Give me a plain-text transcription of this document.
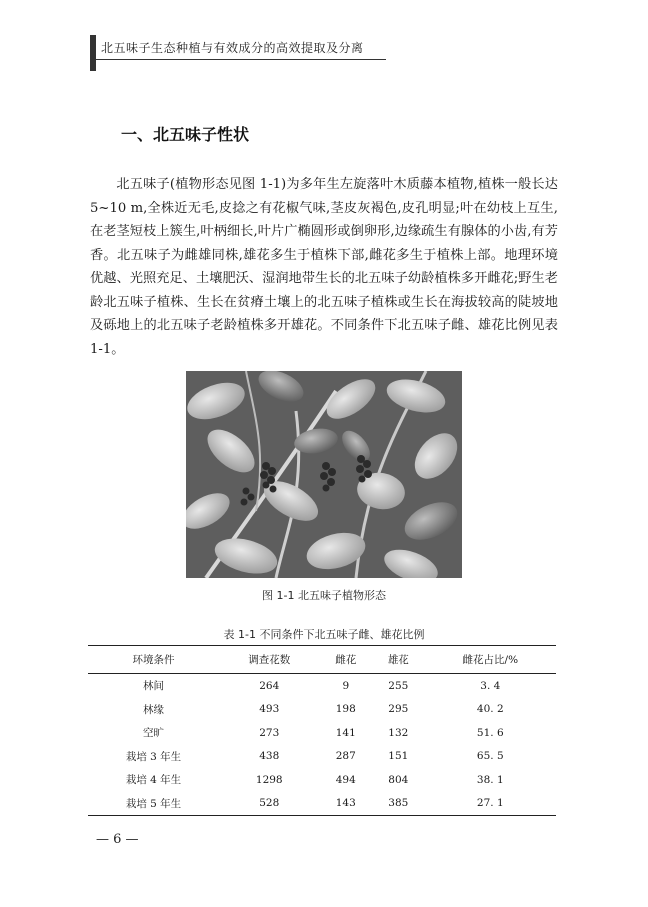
北五味子生态种植与有效成分的高效提取及分离
一、北五味子性状

北五味子(植物形态见图 1-1)为多年生左旋落叶木质藤本植物,植株一般长达 5~10 m,全株近无毛,皮捻之有花椒气味,茎皮灰褐色,皮孔明显;叶在幼枝上互生,在老茎短枝上簇生,叶柄细长,叶片广椭圆形或倒卵形,边缘疏生有腺体的小齿,有芳香。北五味子为雌雄同株,雄花多生于植株下部,雌花多生于植株上部。地理环境优越、光照充足、土壤肥沃、湿润地带生长的北五味子幼龄植株多开雌花;野生老龄北五味子植株、生长在贫瘠土壤上的北五味子植株或生长在海拔较高的陡坡地及砾地上的北五味子老龄植株多开雄花。不同条件下北五味子雌、雄花比例见表 1-1。

图 1-1 北五味子植物形态
表 1-1 不同条件下北五味子雌、雄花比例
环境条件	调查花数	雌花	雄花	雌花占比/%
林间	264	9	255	3. 4
林缘	493	198	295	40. 2
空旷	273	141	132	51. 6
栽培 3 年生	438	287	151	65. 5
栽培 4 年生	1298	494	804	38. 1
栽培 5 年生	528	143	385	27. 1
— 6 —
